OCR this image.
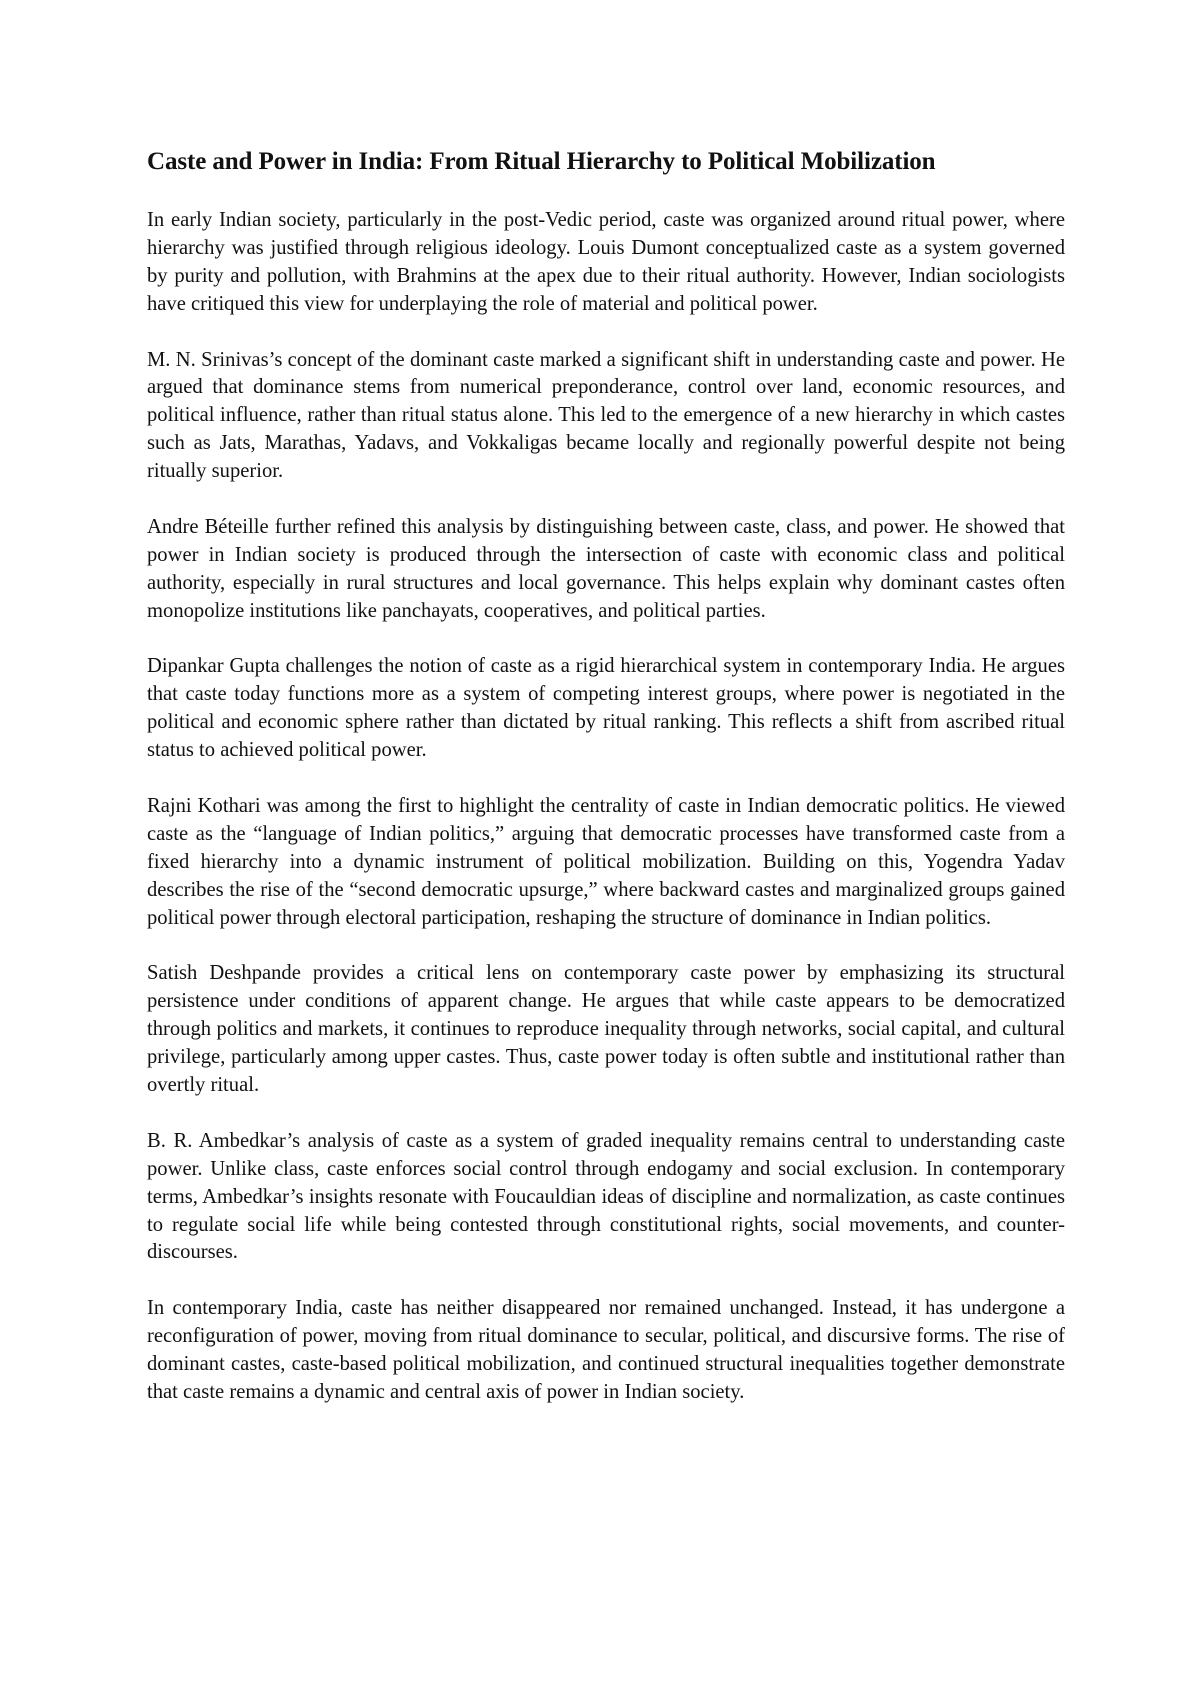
Caste and Power in India: From Ritual Hierarchy to Political Mobilization

In early Indian society, particularly in the post-Vedic period, caste was organized around ritual power, where hierarchy was justified through religious ideology. Louis Dumont conceptualized caste as a system governed by purity and pollution, with Brahmins at the apex due to their ritual authority. However, Indian sociologists have critiqued this view for underplaying the role of material and political power.

M. N. Srinivas’s concept of the dominant caste marked a significant shift in understanding caste and power. He argued that dominance stems from numerical preponderance, control over land, economic resources, and political influence, rather than ritual status alone. This led to the emergence of a new hierarchy in which castes such as Jats, Marathas, Yadavs, and Vokkaligas became locally and regionally powerful despite not being ritually superior.

Andre Béteille further refined this analysis by distinguishing between caste, class, and power. He showed that power in Indian society is produced through the intersection of caste with economic class and political authority, especially in rural structures and local governance. This helps explain why dominant castes often monopolize institutions like panchayats, cooperatives, and political parties.

Dipankar Gupta challenges the notion of caste as a rigid hierarchical system in contemporary India. He argues that caste today functions more as a system of competing interest groups, where power is negotiated in the political and economic sphere rather than dictated by ritual ranking. This reflects a shift from ascribed ritual status to achieved political power.

Rajni Kothari was among the first to highlight the centrality of caste in Indian democratic politics. He viewed caste as the “language of Indian politics,” arguing that democratic processes have transformed caste from a fixed hierarchy into a dynamic instrument of political mobilization. Building on this, Yogendra Yadav describes the rise of the “second democratic upsurge,” where backward castes and marginalized groups gained political power through electoral participation, reshaping the structure of dominance in Indian politics.

Satish Deshpande provides a critical lens on contemporary caste power by emphasizing its structural persistence under conditions of apparent change. He argues that while caste appears to be democratized through politics and markets, it continues to reproduce inequality through networks, social capital, and cultural privilege, particularly among upper castes. Thus, caste power today is often subtle and institutional rather than overtly ritual.

B. R. Ambedkar’s analysis of caste as a system of graded inequality remains central to understanding caste power. Unlike class, caste enforces social control through endogamy and social exclusion. In contemporary terms, Ambedkar’s insights resonate with Foucauldian ideas of discipline and normalization, as caste continues to regulate social life while being contested through constitutional rights, social movements, and counter-discourses.

In contemporary India, caste has neither disappeared nor remained unchanged. Instead, it has undergone a reconfiguration of power, moving from ritual dominance to secular, political, and discursive forms. The rise of dominant castes, caste-based political mobilization, and continued structural inequalities together demonstrate that caste remains a dynamic and central axis of power in Indian society.
